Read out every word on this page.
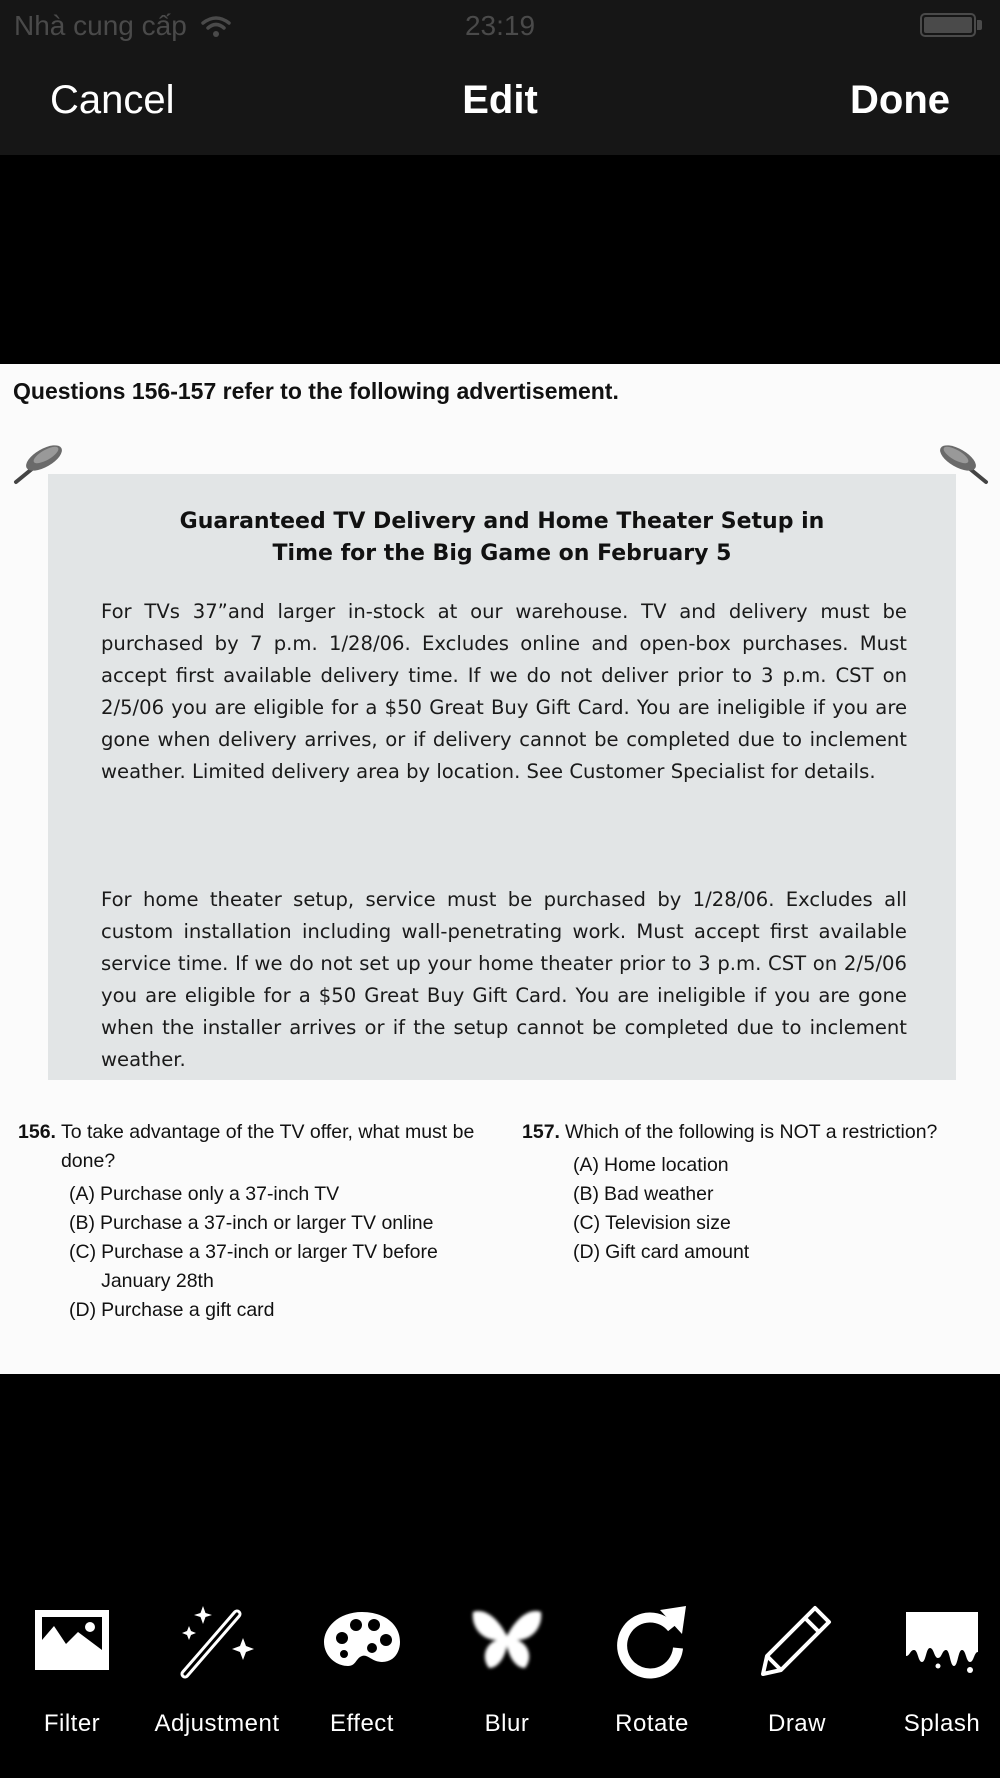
Nhà cung cấp	23:19
Cancel	Edit	Done
Questions 156-157 refer to the following advertisement.
Guaranteed TV Delivery and Home Theater Setup in
Time for the Big Game on February 5
For TVs 37”and larger in-stock at our warehouse. TV and delivery must be purchased by 7 p.m. 1/28/06. Excludes online and open-box purchases. Must accept first available delivery time. If we do not deliver prior to 3 p.m. CST on 2/5/06 you are eligible for a $50 Great Buy Gift Card. You are ineligible if you are gone when delivery arrives, or if delivery cannot be completed due to inclement weather. Limited delivery area by location. See Customer Specialist for details.
For home theater setup, service must be purchased by 1/28/06. Excludes all custom installation including wall-penetrating work. Must accept first available service time. If we do not set up your home theater prior to 3 p.m. CST on 2/5/06 you are eligible for a $50 Great Buy Gift Card. You are ineligible if you are gone when the installer arrives or if the setup cannot be completed due to inclement weather.
156. To take advantage of the TV offer, what must be done?
(A) Purchase only a 37-inch TV
(B) Purchase a 37-inch or larger TV online
(C) Purchase a 37-inch or larger TV before January 28th
(D) Purchase a gift card
157. Which of the following is NOT a restriction?
(A) Home location
(B) Bad weather
(C) Television size
(D) Gift card amount
Filter	Adjustment	Effect	Blur	Rotate	Draw	Splash
